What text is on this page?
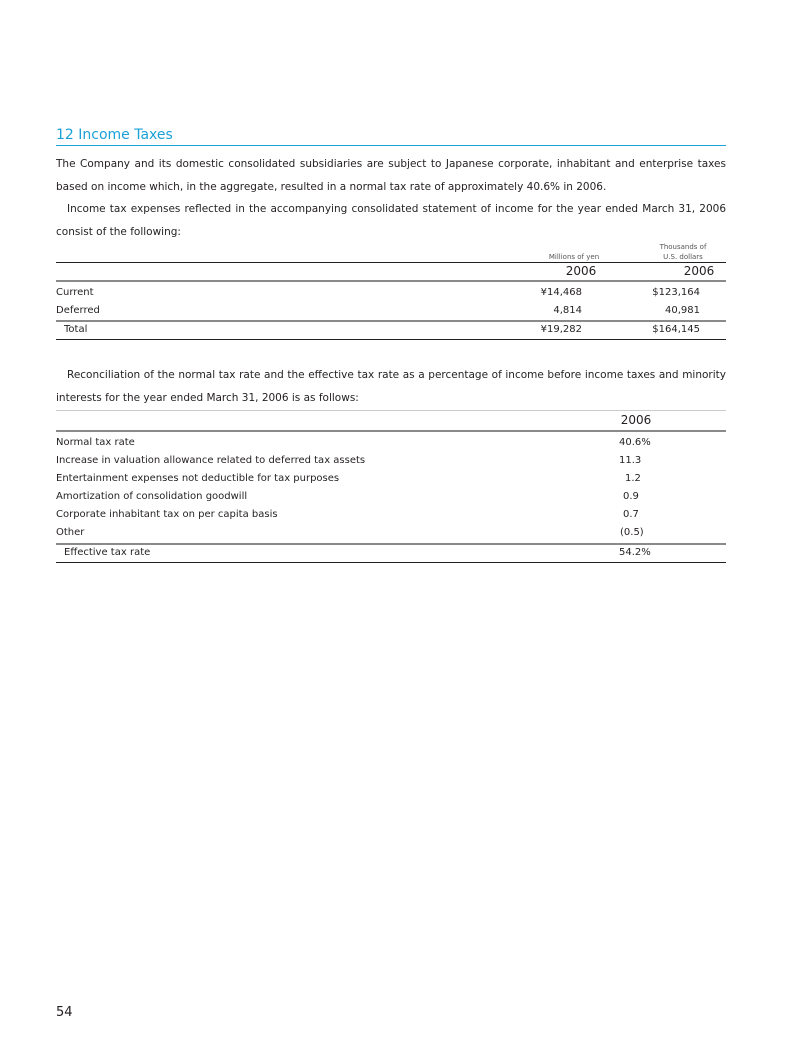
12 Income Taxes
The Company and its domestic consolidated subsidiaries are subject to Japanese corporate, inhabitant and enterprise taxes based on income which, in the aggregate, resulted in a normal tax rate of approximately 40.6% in 2006.
Income tax expenses reflected in the accompanying consolidated statement of income for the year ended March 31, 2006 consist of the following:
Millions of yen
Thousands of
U.S. dollars
2006	2006
Current	¥14,468	$123,164
Deferred	4,814	40,981
Total	¥19,282	$164,145
Reconciliation of the normal tax rate and the effective tax rate as a percentage of income before income taxes and minority interests for the year ended March 31, 2006 is as follows:
2006
Normal tax rate	40.6%
Increase in valuation allowance related to deferred tax assets	11.3
Entertainment expenses not deductible for tax purposes	1.2
Amortization of consolidation goodwill	0.9
Corporate inhabitant tax on per capita basis	0.7
Other	(0.5)
Effective tax rate	54.2%
54
